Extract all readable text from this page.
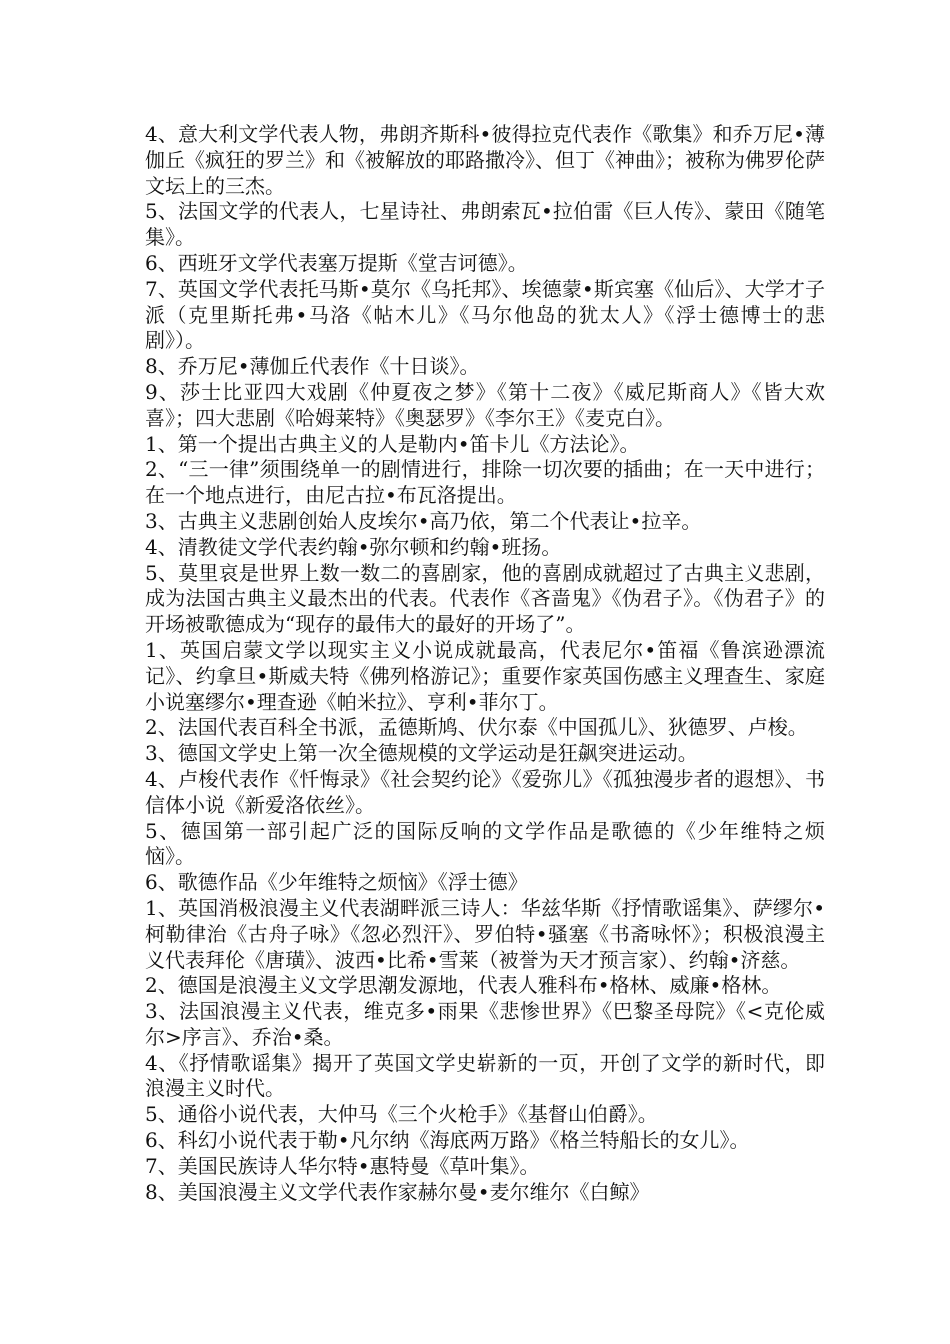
4、意大利文学代表人物，弗朗齐斯科•彼得拉克代表作《歌集》和乔万尼•薄伽丘《疯狂的罗兰》和《被解放的耶路撒冷》、但丁《神曲》；被称为佛罗伦萨文坛上的三杰。

5、法国文学的代表人，七星诗社、弗朗索瓦•拉伯雷《巨人传》、蒙田《随笔集》。

6、西班牙文学代表塞万提斯《堂吉诃德》。

7、英国文学代表托马斯•莫尔《乌托邦》、埃德蒙•斯宾塞《仙后》、大学才子派（克里斯托弗•马洛《帖木儿》《马尔他岛的犹太人》《浮士德博士的悲剧》）。

8、乔万尼•薄伽丘代表作《十日谈》。

9、莎士比亚四大戏剧《仲夏夜之梦》《第十二夜》《威尼斯商人》《皆大欢喜》；四大悲剧《哈姆莱特》《奥瑟罗》《李尔王》《麦克白》。

1、第一个提出古典主义的人是勒内•笛卡儿《方法论》。

2、“三一律”须围绕单一的剧情进行，排除一切次要的插曲；在一天中进行；在一个地点进行，由尼古拉•布瓦洛提出。

3、古典主义悲剧创始人皮埃尔•高乃依，第二个代表让•拉辛。

4、清教徒文学代表约翰•弥尔顿和约翰•班扬。

5、莫里哀是世界上数一数二的喜剧家，他的喜剧成就超过了古典主义悲剧，成为法国古典主义最杰出的代表。代表作《吝啬鬼》《伪君子》。《伪君子》的开场被歌德成为“现存的最伟大的最好的开场了”。

1、英国启蒙文学以现实主义小说成就最高，代表尼尔•笛福《鲁滨逊漂流记》、约拿旦•斯威夫特《佛列格游记》；重要作家英国伤感主义理查生、家庭小说塞缪尔•理查逊《帕米拉》、亨利•菲尔丁。

2、法国代表百科全书派，孟德斯鸠、伏尔泰《中国孤儿》、狄德罗、卢梭。

3、德国文学史上第一次全德规模的文学运动是狂飙突进运动。

4、卢梭代表作《忏悔录》《社会契约论》《爱弥儿》《孤独漫步者的遐想》、书信体小说《新爱洛依丝》。

5、德国第一部引起广泛的国际反响的文学作品是歌德的《少年维特之烦恼》。

6、歌德作品《少年维特之烦恼》《浮士德》

1、英国消极浪漫主义代表湖畔派三诗人：华兹华斯《抒情歌谣集》、萨缪尔•柯勒律治《古舟子咏》《忽必烈汗》、罗伯特•骚塞《书斋咏怀》；积极浪漫主义代表拜伦《唐璜》、波西•比希•雪莱（被誉为天才预言家）、约翰•济慈。

2、德国是浪漫主义文学思潮发源地，代表人雅科布•格林、威廉•格林。

3、法国浪漫主义代表，维克多•雨果《悲惨世界》《巴黎圣母院》《<克伦威尔>序言》、乔治•桑。

4、《抒情歌谣集》揭开了英国文学史崭新的一页，开创了文学的新时代，即浪漫主义时代。

5、通俗小说代表，大仲马《三个火枪手》《基督山伯爵》。

6、科幻小说代表于勒•凡尔纳《海底两万路》《格兰特船长的女儿》。

7、美国民族诗人华尔特•惠特曼《草叶集》。

8、美国浪漫主义文学代表作家赫尔曼•麦尔维尔《白鲸》
